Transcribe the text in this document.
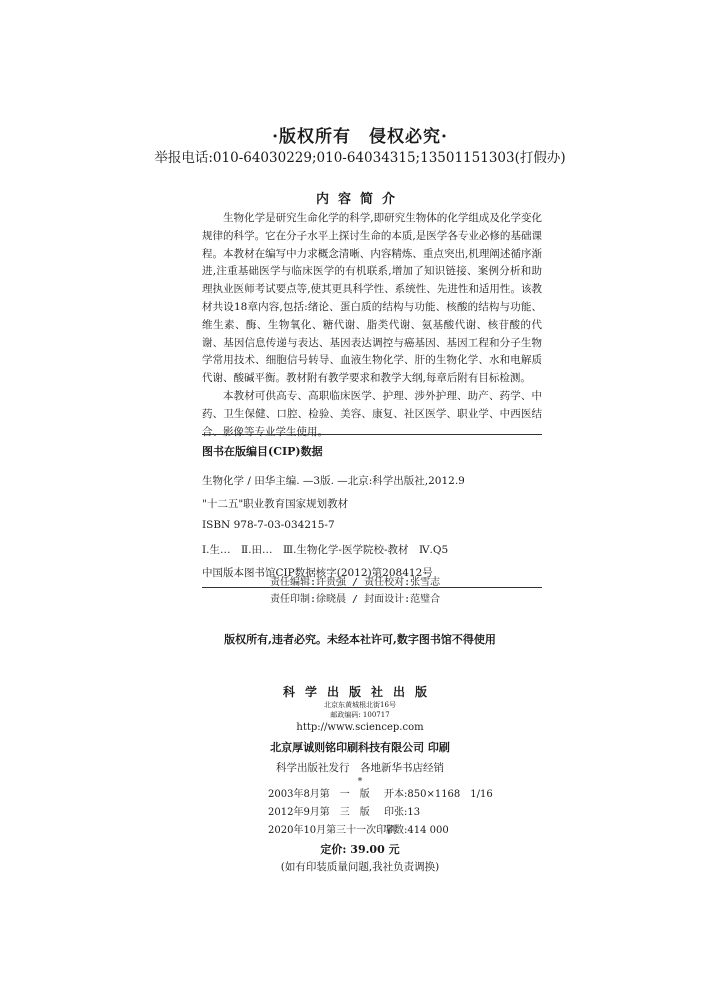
·版权所有　侵权必究·
举报电话:010-64030229;010-64034315;13501151303(打假办)
内容简介

生物化学是研究生命化学的科学,即研究生物体的化学组成及化学变化规律的科学。它在分子水平上探讨生命的本质,是医学各专业必修的基础课程。本教材在编写中力求概念清晰、内容精炼、重点突出,机理阐述循序渐进,注重基础医学与临床医学的有机联系,增加了知识链接、案例分析和助理执业医师考试要点等,使其更具科学性、系统性、先进性和适用性。该教材共设18章内容,包括:绪论、蛋白质的结构与功能、核酸的结构与功能、维生素、酶、生物氧化、糖代谢、脂类代谢、氨基酸代谢、核苷酸的代谢、基因信息传递与表达、基因表达调控与癌基因、基因工程和分子生物学常用技术、细胞信号转导、血液生物化学、肝的生物化学、水和电解质代谢、酸碱平衡。教材附有教学要求和教学大纲,每章后附有目标检测。

本教材可供高专、高职临床医学、护理、涉外护理、助产、药学、中药、卫生保健、口腔、检验、美容、康复、社区医学、职业学、中西医结合、影像等专业学生使用。

图书在版编目(CIP)数据
生物化学 / 田华主编. —3版. —北京:科学出版社,2012.9
"十二五"职业教育国家规划教材
ISBN 978-7-03-034215-7
Ⅰ.生…　Ⅱ.田…　Ⅲ.生物化学-医学院校-教材　Ⅳ.Q5
中国版本图书馆CIP数据核字(2012)第208412号
责任编辑:许贵强 / 责任校对:张雪志
责任印制:徐晓晨 / 封面设计:范璧合
版权所有,违者必究。未经本社许可,数字图书馆不得使用
科学出版社出版
北京东黄城根北街16号
邮政编码: 100717
http://www.sciencep.com
北京厚诚则铭印刷科技有限公司 印刷
科学出版社发行　各地新华书店经销
*
2003年8月第　一　版	开本:850×1168　1/16
2012年9月第　三　版	印张:13
2020年10月第三十一次印刷
字数:414 000
定价: 39.00 元
(如有印装质量问题,我社负责调换)
